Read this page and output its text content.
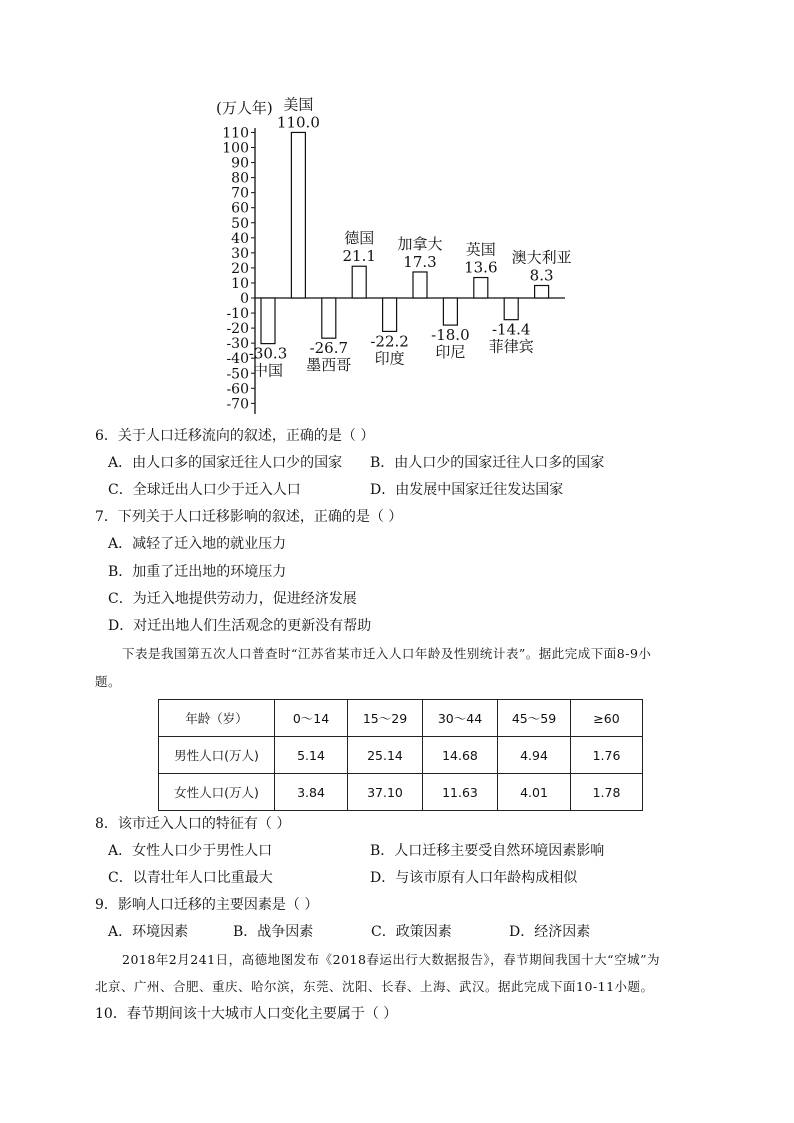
(万人年)
110
100
90
80
70
60
50
40
30
20
10
0
-10
-20
-30
-40
-50
-60
-70
中国
-30.3
美国
110.0
墨西哥
-26.7
德国
21.1
印度
-22.2
加拿大
17.3
印尼
-18.0
英国
13.6
菲律宾
-14.4
澳大利亚
8.3
6．关于人口迁移流向的叙述，正确的是（ ）
A．由人口多的国家迁往人口少的国家 B．由人口少的国家迁往人口多的国家
C．全球迁出人口少于迁入人口	D．由发展中国家迁往发达国家
7．下列关于人口迁移影响的叙述，正确的是（ ）
A．减轻了迁入地的就业压力
B．加重了迁出地的环境压力
C．为迁入地提供劳动力，促进经济发展
D．对迁出地人们生活观念的更新没有帮助
下表是我国第五次人口普查时“江苏省某市迁入人口年龄及性别统计表”。据此完成下面8-9小
题。
年龄（岁）	0～14	15～29	30～44	45～59	≥60
男性人口(万人)	5.14	25.14	14.68	4.94	1.76
女性人口(万人)	3.84	37.10	11.63	4.01	1.78
8．该市迁入人口的特征有（ ）
A．女性人口少于男性人口	B．人口迁移主要受自然环境因素影响
C．以青壮年人口比重最大	D．与该市原有人口年龄构成相似
9．影响人口迁移的主要因素是（ ）
A．环境因素	B．战争因素	C．政策因素	D．经济因素
2018年2月241日，高德地图发布《2018春运出行大数据报告》，春节期间我国十大“空城”为
北京、广州、合肥、重庆、哈尔滨，东莞、沈阳、长春、上海、武汉。据此完成下面10-11小题。
10．春节期间该十大城市人口变化主要属于（ ）
